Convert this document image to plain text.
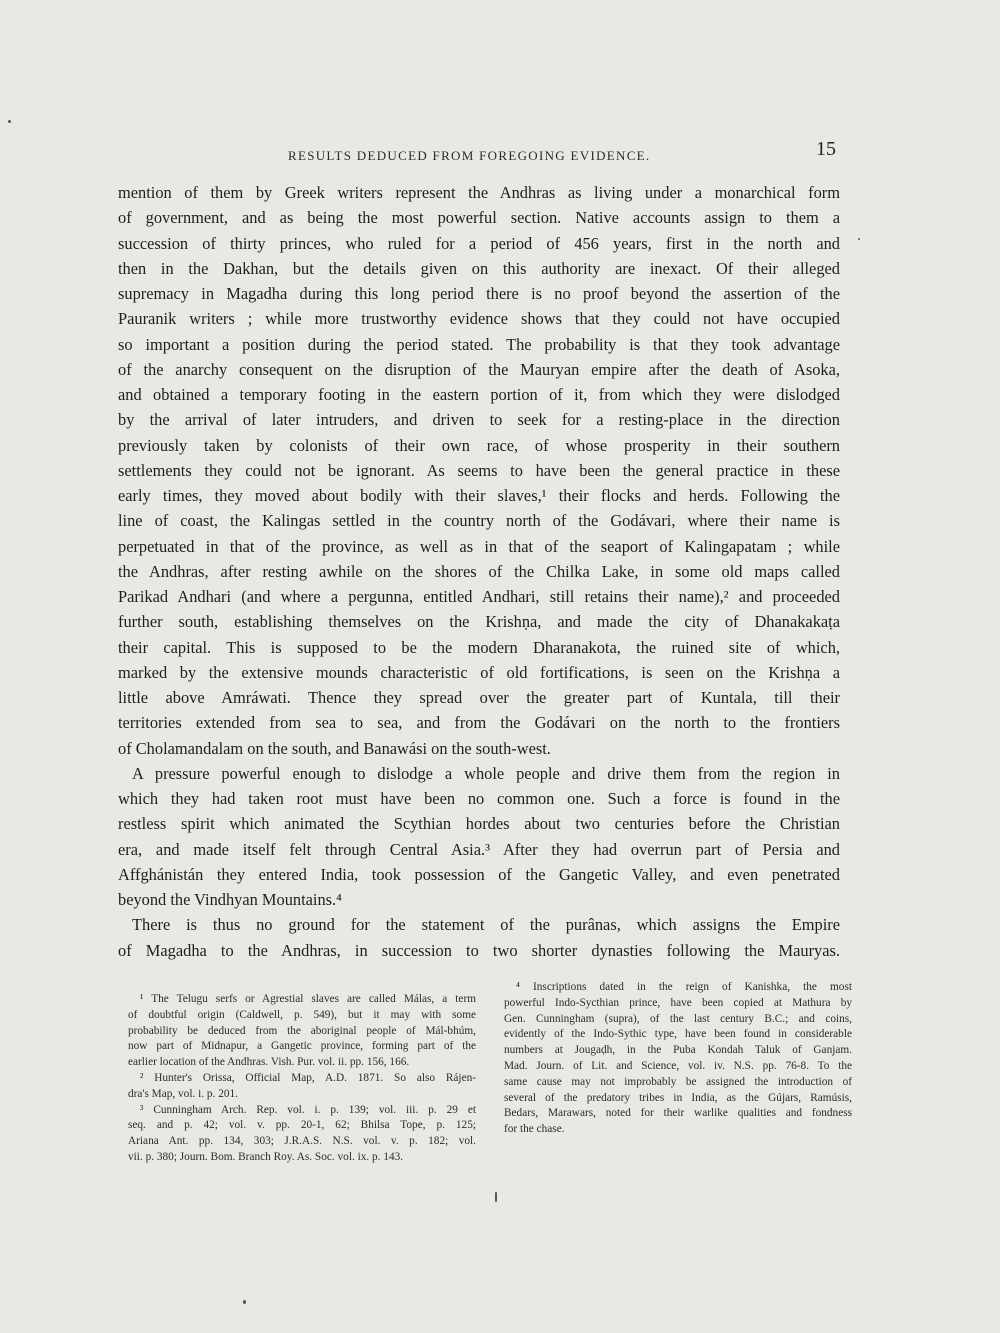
RESULTS DEDUCED FROM FOREGOING EVIDENCE.	15
mention of them by Greek writers represent the Andhras as living under a monarchical form
of government, and as being the most powerful section. Native accounts assign to them a
succession of thirty princes, who ruled for a period of 456 years, first in the north and
then in the Dakhan, but the details given on this authority are inexact. Of their alleged
supremacy in Magadha during this long period there is no proof beyond the assertion of the
Pauranik writers ; while more trustworthy evidence shows that they could not have occupied
so important a position during the period stated. The probability is that they took advantage
of the anarchy consequent on the disruption of the Mauryan empire after the death of Asoka,
and obtained a temporary footing in the eastern portion of it, from which they were dislodged
by the arrival of later intruders, and driven to seek for a resting-place in the direction
previously taken by colonists of their own race, of whose prosperity in their southern
settlements they could not be ignorant. As seems to have been the general practice in these
early times, they moved about bodily with their slaves,¹ their flocks and herds. Following the
line of coast, the Kalingas settled in the country north of the Godávari, where their name is
perpetuated in that of the province, as well as in that of the seaport of Kalingapatam ; while
the Andhras, after resting awhile on the shores of the Chilka Lake, in some old maps called
Parikad Andhari (and where a pergunna, entitled Andhari, still retains their name),² and proceeded
further south, establishing themselves on the Krishṇa, and made the city of Dhanakakaṭa
their capital. This is supposed to be the modern Dharanakota, the ruined site of which,
marked by the extensive mounds characteristic of old fortifications, is seen on the Krishṇa a
little above Amráwati. Thence they spread over the greater part of Kuntala, till their
territories extended from sea to sea, and from the Godávari on the north to the frontiers
of Cholamandalam on the south, and Banawási on the south-west.
A pressure powerful enough to dislodge a whole people and drive them from the region in
which they had taken root must have been no common one. Such a force is found in the
restless spirit which animated the Scythian hordes about two centuries before the Christian
era, and made itself felt through Central Asia.³ After they had overrun part of Persia and
Affghánistán they entered India, took possession of the Gangetic Valley, and even penetrated
beyond the Vindhyan Mountains.⁴
There is thus no ground for the statement of the purânas, which assigns the Empire
of Magadha to the Andhras, in succession to two shorter dynasties following the Mauryas.
¹ The Telugu serfs or Agrestial slaves are called Málas, a term
of doubtful origin (Caldwell, p. 549), but it may with some
probability be deduced from the aboriginal people of Mál-bhúm,
now part of Midnapur, a Gangetic province, forming part of the
earlier location of the Andhras. Vish. Pur. vol. ii. pp. 156, 166.
² Hunter's Orissa, Official Map, A.D. 1871. So also Rájen-
dra's Map, vol. i. p. 201.
³ Cunningham Arch. Rep. vol. i. p. 139; vol. iii. p. 29 et
seq. and p. 42; vol. v. pp. 20-1, 62; Bhilsa Tope, p. 125;
Ariana Ant. pp. 134, 303; J.R.A.S. N.S. vol. v. p. 182; vol.
vii. p. 380; Journ. Bom. Branch Roy. As. Soc. vol. ix. p. 143.
⁴ Inscriptions dated in the reign of Kanishka, the most
powerful Indo-Sycthian prince, have been copied at Mathura by
Gen. Cunningham (supra), of the last century B.C.; and coins,
evidently of the Indo-Sythic type, have been found in considerable
numbers at Jougaḍh, in the Puba Kondah Taluk of Ganjam.
Mad. Journ. of Lit. and Science, vol. iv. N.S. pp. 76-8. To the
same cause may not improbably be assigned the introduction of
several of the predatory tribes in India, as the Gújars, Ramúsis,
Bedars, Marawars, noted for their warlike qualities and fondness
for the chase.
